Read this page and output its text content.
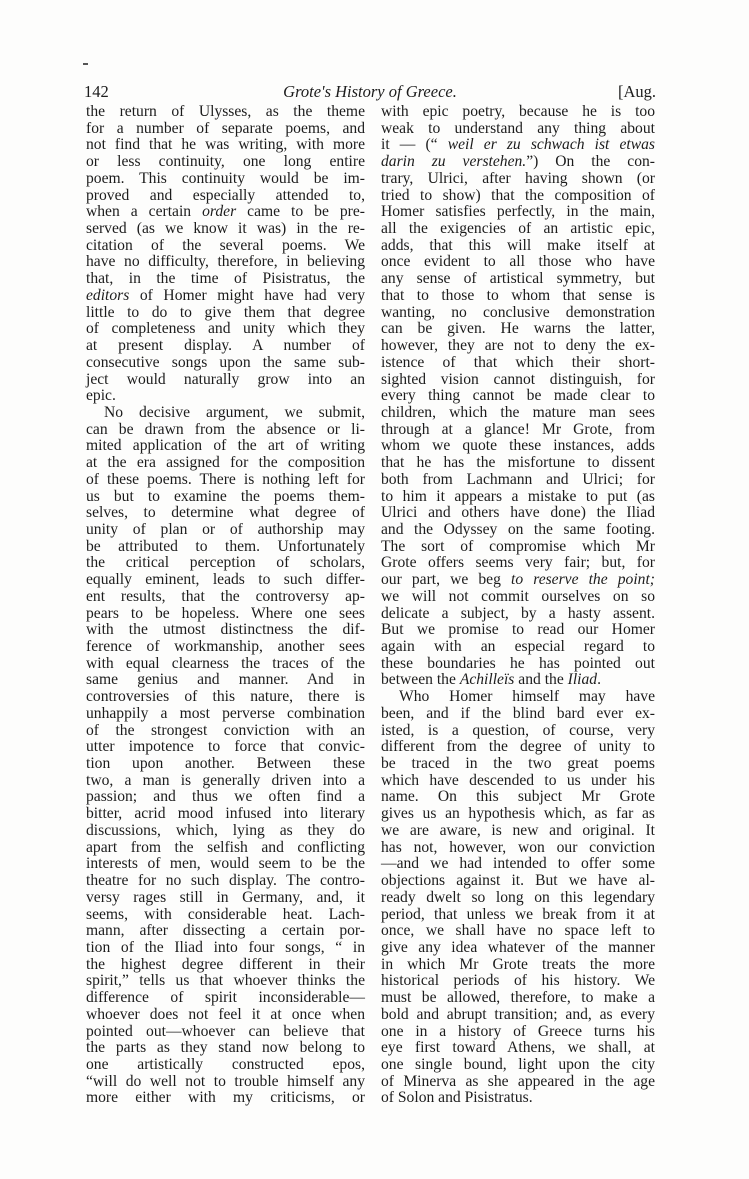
142	Grote's History of Greece.	[Aug.
the return of Ulysses, as the theme
for a number of separate poems, and
not find that he was writing, with more
or less continuity, one long entire
poem. This continuity would be im-
proved and especially attended to,
when a certain order came to be pre-
served (as we know it was) in the re-
citation of the several poems. We
have no difficulty, therefore, in believing
that, in the time of Pisistratus, the
editors of Homer might have had very
little to do to give them that degree
of completeness and unity which they
at present display. A number of
consecutive songs upon the same sub-
ject would naturally grow into an
epic.
No decisive argument, we submit,
can be drawn from the absence or li-
mited application of the art of writing
at the era assigned for the composition
of these poems. There is nothing left for
us but to examine the poems them-
selves, to determine what degree of
unity of plan or of authorship may
be attributed to them. Unfortunately
the critical perception of scholars,
equally eminent, leads to such differ-
ent results, that the controversy ap-
pears to be hopeless. Where one sees
with the utmost distinctness the dif-
ference of workmanship, another sees
with equal clearness the traces of the
same genius and manner. And in
controversies of this nature, there is
unhappily a most perverse combination
of the strongest conviction with an
utter impotence to force that convic-
tion upon another. Between these
two, a man is generally driven into a
passion; and thus we often find a
bitter, acrid mood infused into literary
discussions, which, lying as they do
apart from the selfish and conflicting
interests of men, would seem to be the
theatre for no such display. The contro-
versy rages still in Germany, and, it
seems, with considerable heat. Lach-
mann, after dissecting a certain por-
tion of the Iliad into four songs, “ in
the highest degree different in their
spirit,” tells us that whoever thinks the
difference of spirit inconsiderable—
whoever does not feel it at once when
pointed out—whoever can believe that
the parts as they stand now belong to
one artistically constructed epos,
“will do well not to trouble himself any
more either with my criticisms, or
with epic poetry, because he is too
weak to understand any thing about
it — (“ weil er zu schwach ist etwas
darin zu verstehen.”) On the con-
trary, Ulrici, after having shown (or
tried to show) that the composition of
Homer satisfies perfectly, in the main,
all the exigencies of an artistic epic,
adds, that this will make itself at
once evident to all those who have
any sense of artistical symmetry, but
that to those to whom that sense is
wanting, no conclusive demonstration
can be given. He warns the latter,
however, they are not to deny the ex-
istence of that which their short-
sighted vision cannot distinguish, for
every thing cannot be made clear to
children, which the mature man sees
through at a glance! Mr Grote, from
whom we quote these instances, adds
that he has the misfortune to dissent
both from Lachmann and Ulrici; for
to him it appears a mistake to put (as
Ulrici and others have done) the Iliad
and the Odyssey on the same footing.
The sort of compromise which Mr
Grote offers seems very fair; but, for
our part, we beg to reserve the point;
we will not commit ourselves on so
delicate a subject, by a hasty assent.
But we promise to read our Homer
again with an especial regard to
these boundaries he has pointed out
between the Achilleïs and the Iliad.
Who Homer himself may have
been, and if the blind bard ever ex-
isted, is a question, of course, very
different from the degree of unity to
be traced in the two great poems
which have descended to us under his
name. On this subject Mr Grote
gives us an hypothesis which, as far as
we are aware, is new and original. It
has not, however, won our conviction
—and we had intended to offer some
objections against it. But we have al-
ready dwelt so long on this legendary
period, that unless we break from it at
once, we shall have no space left to
give any idea whatever of the manner
in which Mr Grote treats the more
historical periods of his history. We
must be allowed, therefore, to make a
bold and abrupt transition; and, as every
one in a history of Greece turns his
eye first toward Athens, we shall, at
one single bound, light upon the city
of Minerva as she appeared in the age
of Solon and Pisistratus.
